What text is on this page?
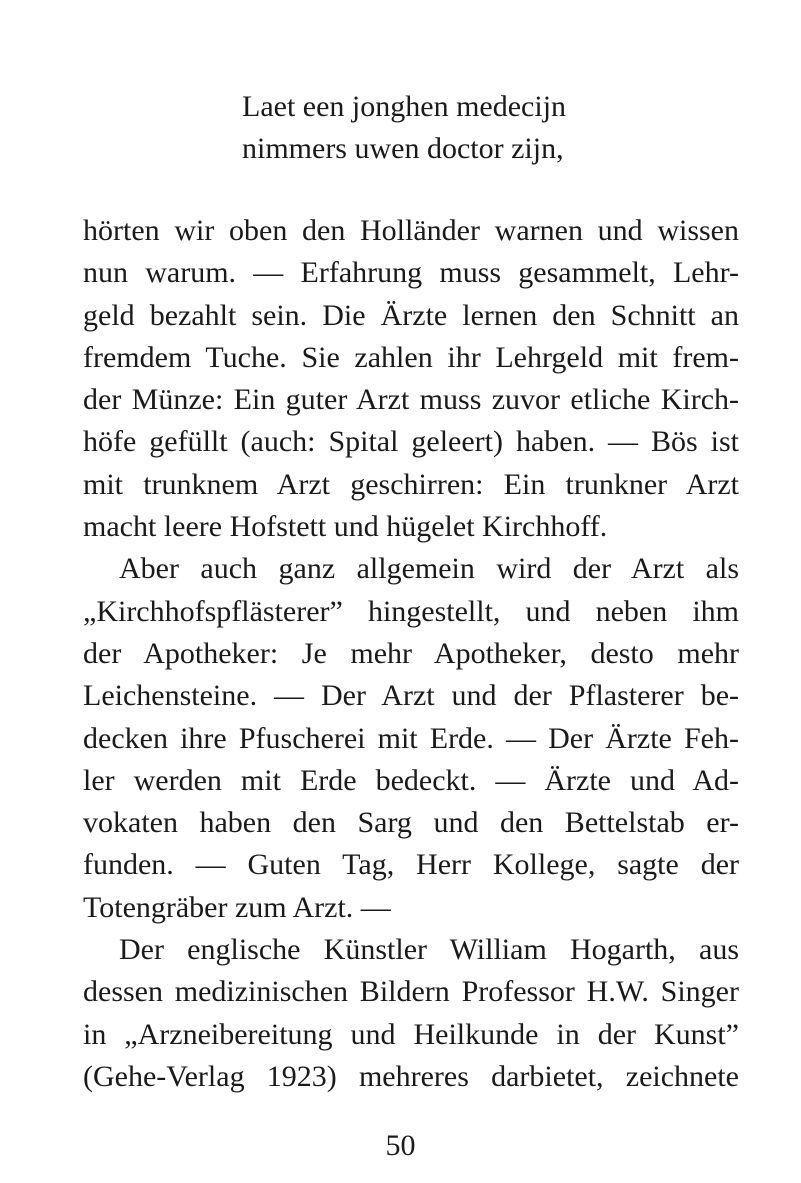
Laet een jonghen medecijn
nimmers uwen doctor zijn,
hörten wir oben den Holländer warnen und wissen
nun warum. — Erfahrung muss gesammelt, Lehr-
geld bezahlt sein. Die Ärzte lernen den Schnitt an
fremdem Tuche. Sie zahlen ihr Lehrgeld mit frem-
der Münze: Ein guter Arzt muss zuvor etliche Kirch-
höfe gefüllt (auch: Spital geleert) haben. — Bös ist
mit trunknem Arzt geschirren: Ein trunkner Arzt
macht leere Hofstett und hügelet Kirchhoff.
Aber auch ganz allgemein wird der Arzt als
„Kirchhofspflästerer” hingestellt, und neben ihm
der Apotheker: Je mehr Apotheker, desto mehr
Leichensteine. — Der Arzt und der Pflasterer be-
decken ihre Pfuscherei mit Erde. — Der Ärzte Feh-
ler werden mit Erde bedeckt. — Ärzte und Ad-
vokaten haben den Sarg und den Bettelstab er-
funden. — Guten Tag, Herr Kollege, sagte der
Totengräber zum Arzt. —
Der englische Künstler William Hogarth, aus
dessen medizinischen Bildern Professor H.W. Singer
in „Arzneibereitung und Heilkunde in der Kunst”
(Gehe-Verlag 1923) mehreres darbietet, zeichnete
50
